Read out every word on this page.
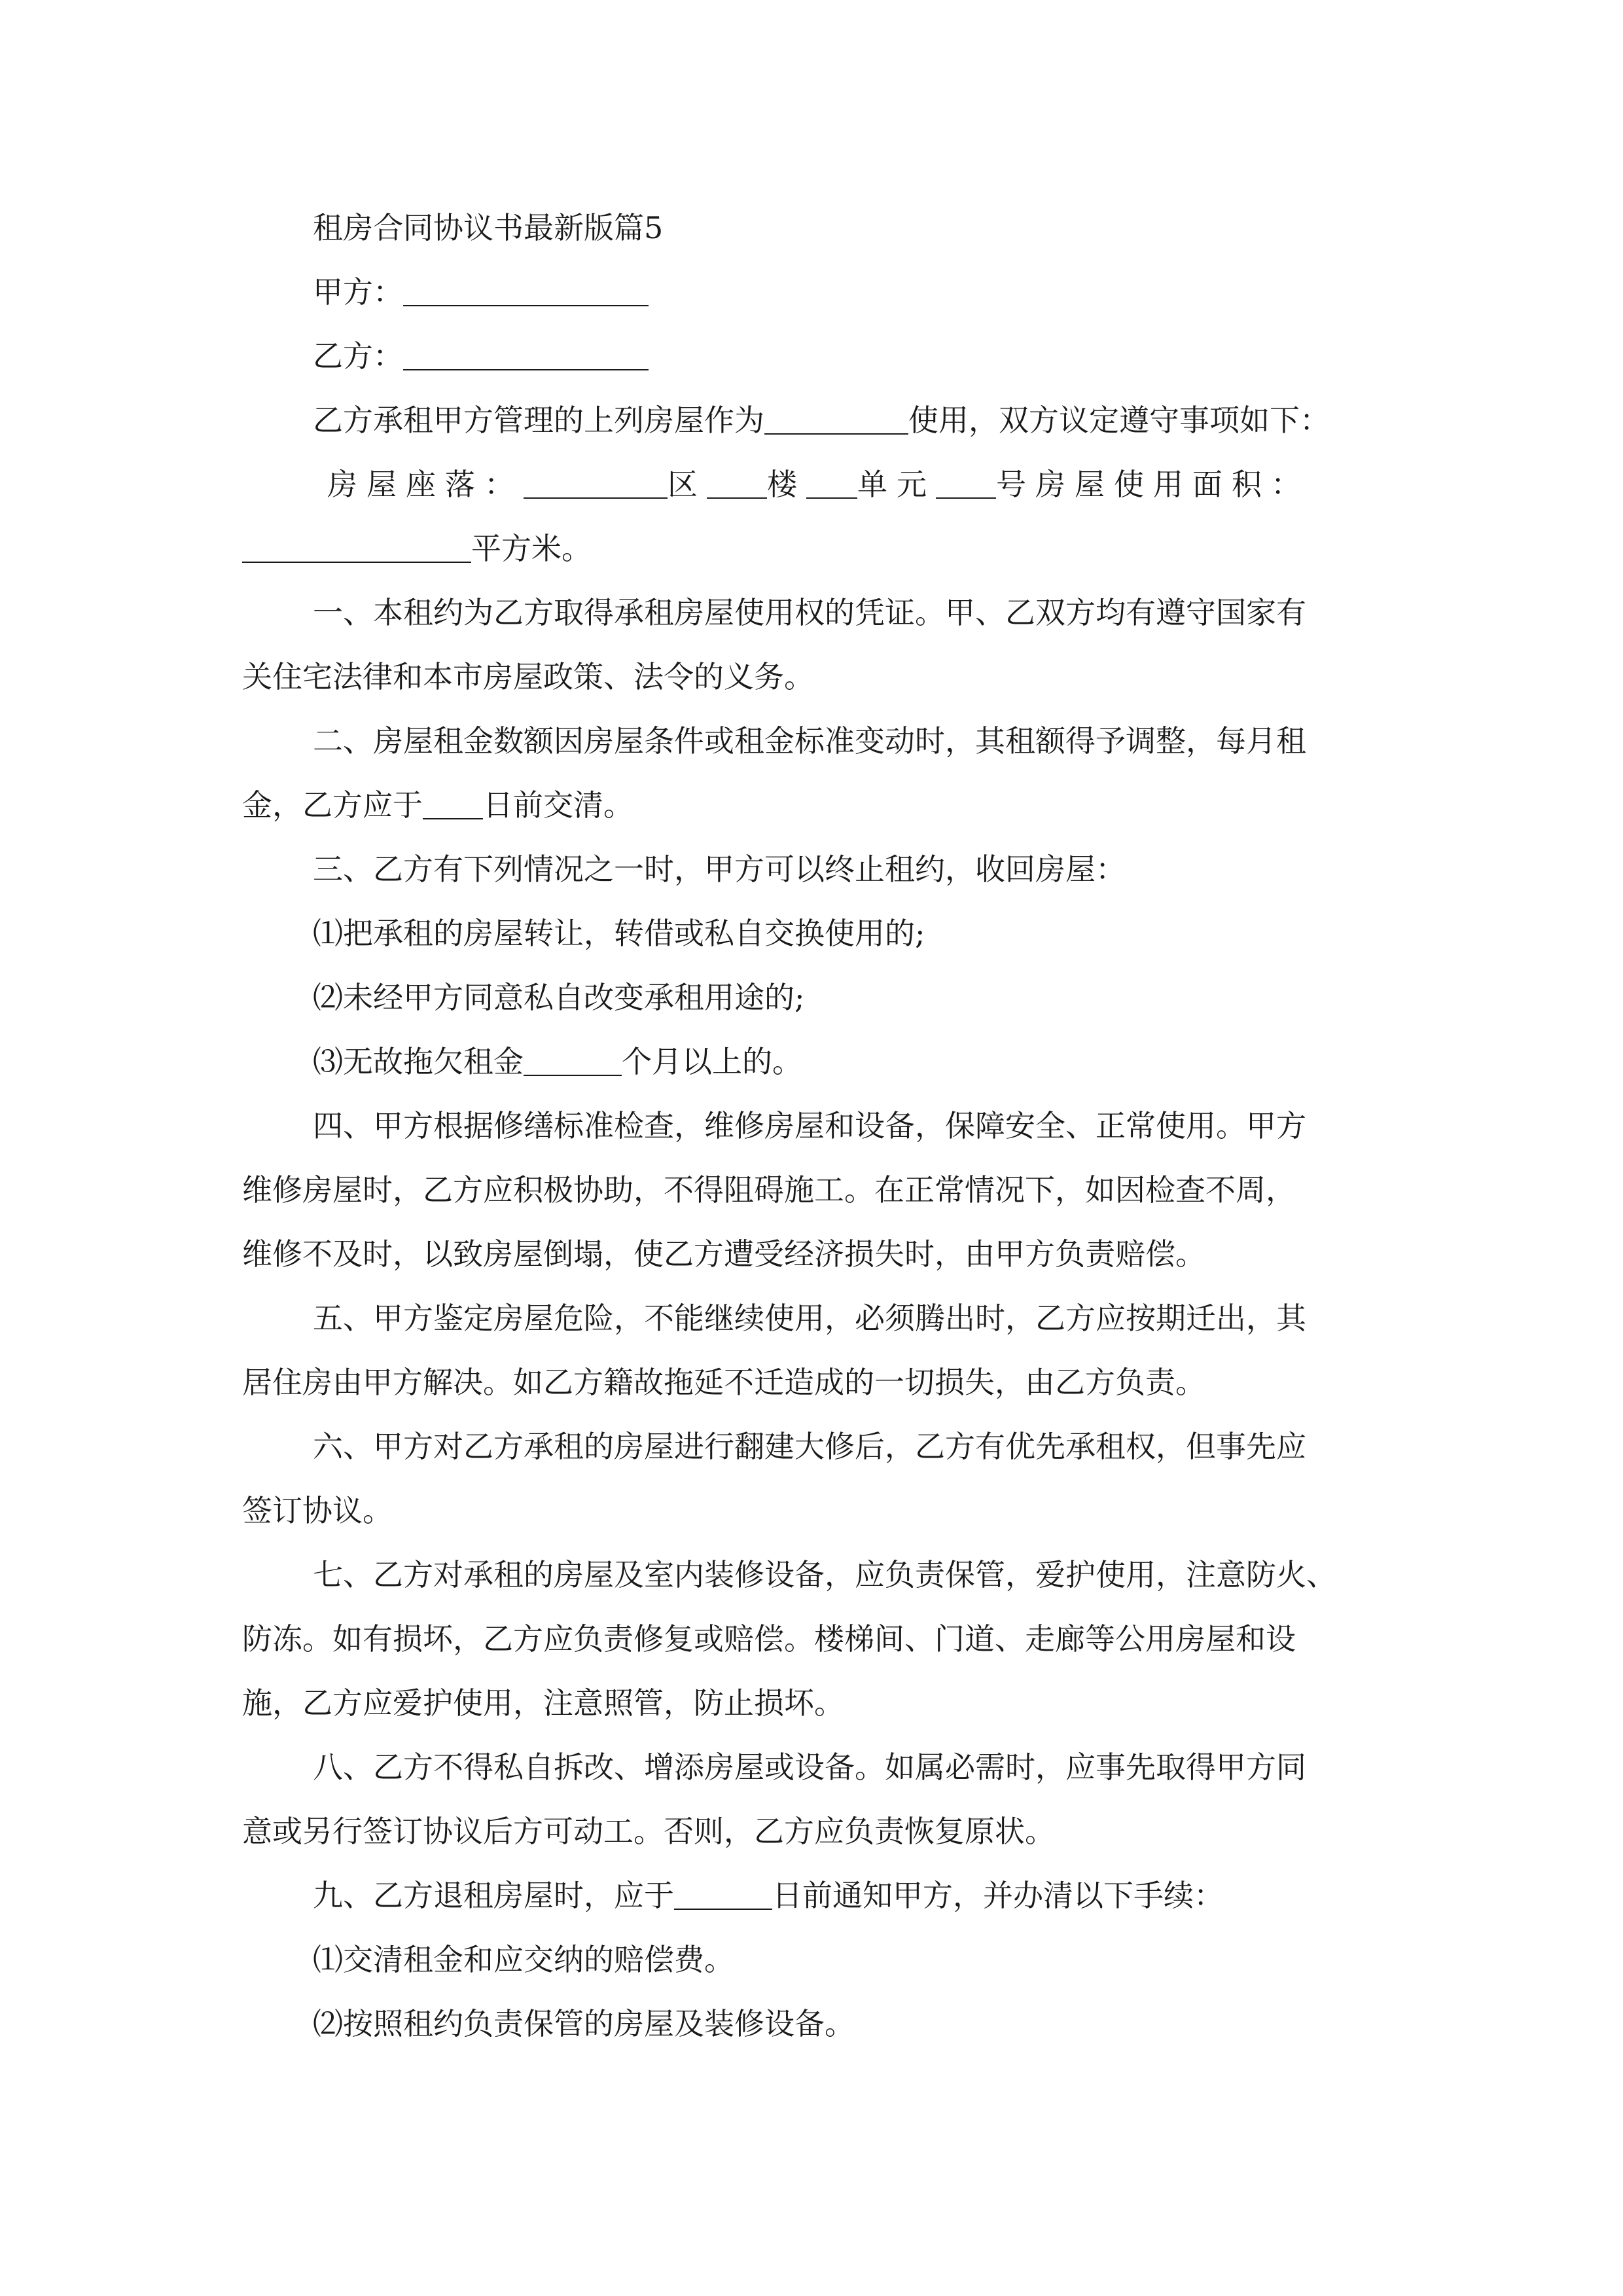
租房合同协议书最新版篇5
甲方：
乙方：
乙方承租甲方管理的上列房屋作为	使用，双方议定遵守事项如下：
房屋座落：	区 楼 单元 号房屋使用面积：
平方米。
一、本租约为乙方取得承租房屋使用权的凭证。甲、乙双方均有遵守国家有
关住宅法律和本市房屋政策、法令的义务。
二、房屋租金数额因房屋条件或租金标准变动时，其租额得予调整，每月租
金，乙方应于 日前交清。
三、乙方有下列情况之一时，甲方可以终止租约，收回房屋：
⑴把承租的房屋转让，转借或私自交换使用的;
⑵未经甲方同意私自改变承租用途的;
⑶无故拖欠租金	个月以上的。
四、甲方根据修缮标准检查，维修房屋和设备，保障安全、正常使用。甲方
维修房屋时，乙方应积极协助，不得阻碍施工。在正常情况下，如因检查不周，
维修不及时，以致房屋倒塌，使乙方遭受经济损失时，由甲方负责赔偿。
五、甲方鉴定房屋危险，不能继续使用，必须腾出时，乙方应按期迁出，其
居住房由甲方解决。如乙方籍故拖延不迁造成的一切损失，由乙方负责。
六、甲方对乙方承租的房屋进行翻建大修后，乙方有优先承租权，但事先应
签订协议。
七、乙方对承租的房屋及室内装修设备，应负责保管，爱护使用，注意防火、
防冻。如有损坏，乙方应负责修复或赔偿。楼梯间、门道、走廊等公用房屋和设
施，乙方应爱护使用，注意照管，防止损坏。
八、乙方不得私自拆改、增添房屋或设备。如属必需时，应事先取得甲方同
意或另行签订协议后方可动工。否则，乙方应负责恢复原状。
九、乙方退租房屋时，应于	日前通知甲方，并办清以下手续：
⑴交清租金和应交纳的赔偿费。
⑵按照租约负责保管的房屋及装修设备。
